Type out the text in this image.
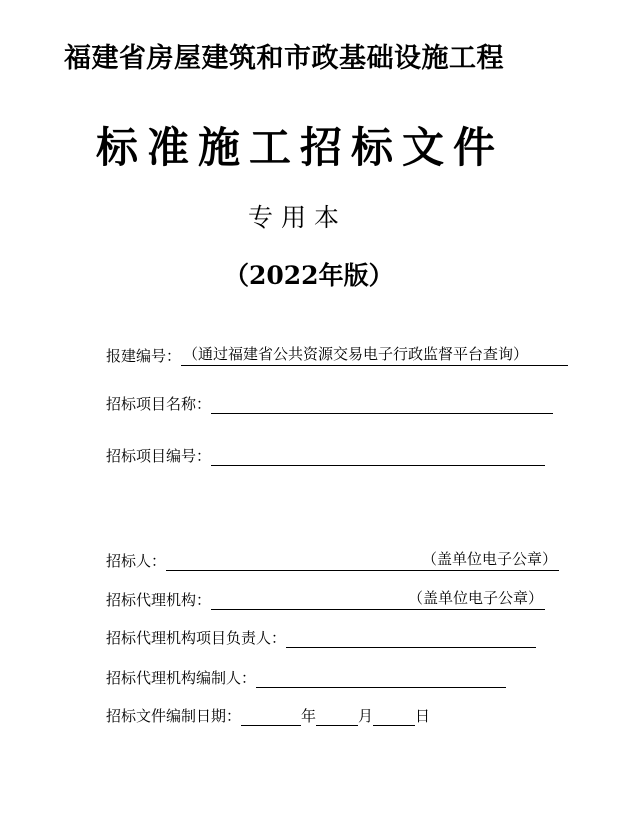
福建省房屋建筑和市政基础设施工程
标准施工招标文件
专用本
（2022年版）
报建编号： （通过福建省公共资源交易电子行政监督平台查询）
招标项目名称：
招标项目编号：
招标人：	（盖单位电子公章）
招标代理机构：	（盖单位电子公章）
招标代理机构项目负责人：
招标代理机构编制人：
招标文件编制日期：	年	月	日
